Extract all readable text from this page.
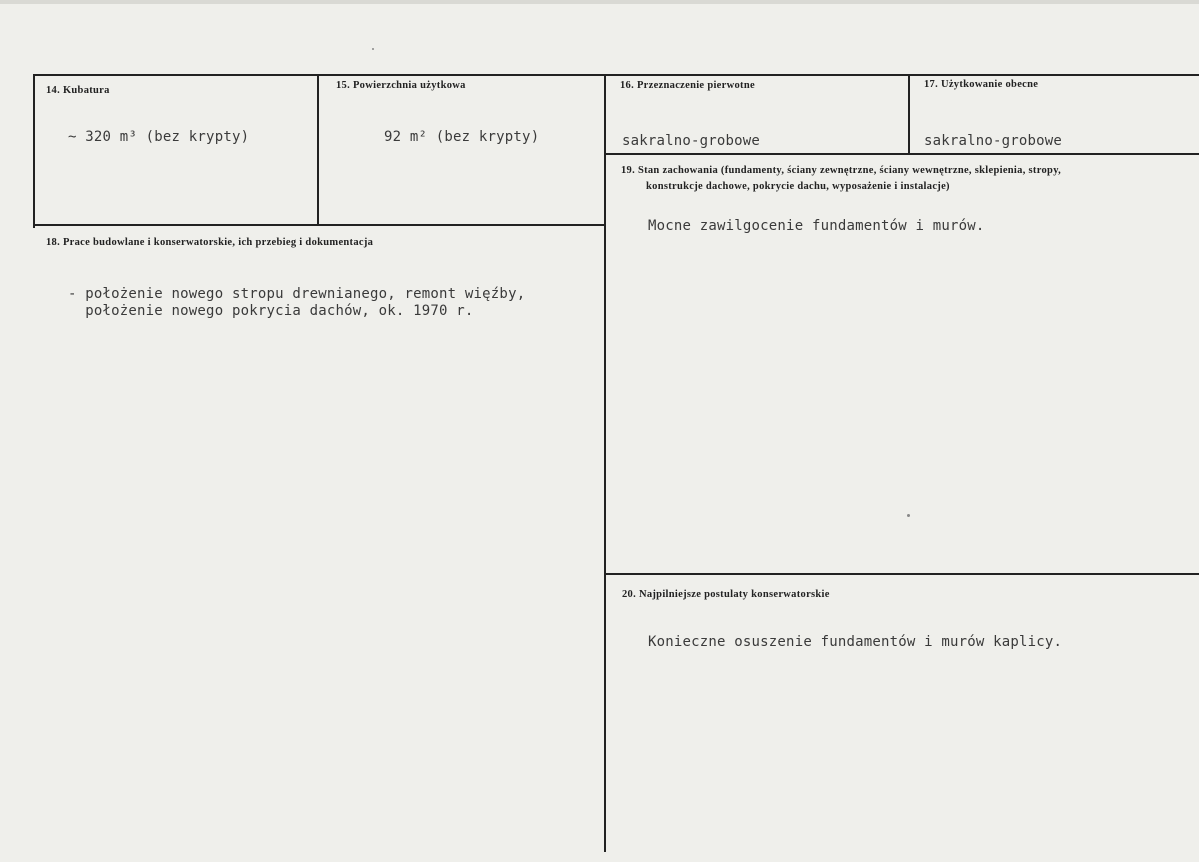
14. Kubatura
~ 320 m³ (bez krypty)
15. Powierzchnia użytkowa
92 m² (bez krypty)
16. Przeznaczenie pierwotne
sakralno-grobowe
17. Użytkowanie obecne
sakralno-grobowe
18. Prace budowlane i konserwatorskie, ich przebieg i dokumentacja
- położenie nowego stropu drewnianego, remont więźby,
położenie nowego pokrycia dachów, ok. 1970 r.
19. Stan zachowania (fundamenty, ściany zewnętrzne, ściany wewnętrzne, sklepienia, stropy,
konstrukcje dachowe, pokrycie dachu, wyposażenie i instalacje)
Mocne zawilgocenie fundamentów i murów.
20. Najpilniejsze postulaty konserwatorskie
Konieczne osuszenie fundamentów i murów kaplicy.
